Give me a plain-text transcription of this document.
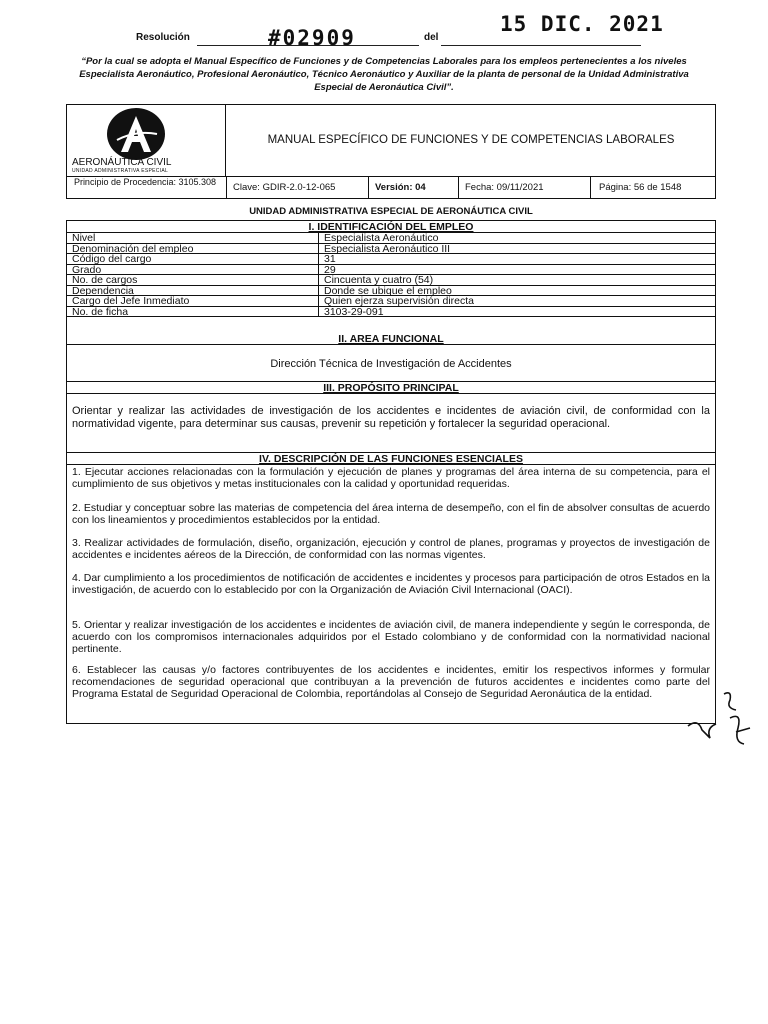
Resolución	#02909	del
15 DIC. 2021
“Por la cual se adopta el Manual Específico de Funciones y de Competencias Laborales para los empleos pertenecientes a los niveles Especialista Aeronáutico, Profesional Aeronáutico, Técnico Aeronáutico y Auxiliar de la planta de personal de la Unidad Administrativa Especial de Aeronáutica Civil”.
AERONÁUTICA CIVIL
UNIDAD ADMINISTRATIVA ESPECIAL
MANUAL ESPECÍFICO DE FUNCIONES Y DE COMPETENCIAS LABORALES
Principio de Procedencia: 3105.308	Clave: GDIR-2.0-12-065	Versión: 04	Fecha: 09/11/2021	Página: 56 de 1548
UNIDAD ADMINISTRATIVA ESPECIAL DE AERONÁUTICA CIVIL
I. IDENTIFICACIÓN DEL EMPLEO
Nivel	Especialista Aeronáutico
Denominación del empleo	Especialista Aeronáutico III
Código del cargo	31
Grado	29
No. de cargos	Cincuenta y cuatro (54)
Dependencia	Donde se ubique el empleo
Cargo del Jefe Inmediato	Quien ejerza supervisión directa
No. de ficha	3103-29-091
II. AREA FUNCIONAL
Dirección Técnica de Investigación de Accidentes
III. PROPÓSITO PRINCIPAL
Orientar y realizar las actividades de investigación de los accidentes e incidentes de aviación civil, de conformidad con la normatividad vigente, para determinar sus causas, prevenir su repetición y fortalecer la seguridad operacional.
IV. DESCRIPCIÓN DE LAS FUNCIONES ESENCIALES
1. Ejecutar acciones relacionadas con la formulación y ejecución de planes y programas del área interna de su competencia, para el cumplimiento de sus objetivos y metas institucionales con la calidad y oportunidad requeridas.
2. Estudiar y conceptuar sobre las materias de competencia del área interna de desempeño, con el fin de absolver consultas de acuerdo con los lineamientos y procedimientos establecidos por la entidad.
3. Realizar actividades de formulación, diseño, organización, ejecución y control de planes, programas y proyectos de investigación de accidentes e incidentes aéreos de la Dirección, de conformidad con las normas vigentes.
4. Dar cumplimiento a los procedimientos de notificación de accidentes e incidentes y procesos para participación de otros Estados en la investigación, de acuerdo con lo establecido por con la Organización de Aviación Civil Internacional (OACI).
5. Orientar y realizar investigación de los accidentes e incidentes de aviación civil, de manera independiente y según le corresponda, de acuerdo con los compromisos internacionales adquiridos por el Estado colombiano y de conformidad con la normatividad nacional pertinente.
6. Establecer las causas y/o factores contribuyentes de los accidentes e incidentes, emitir los respectivos informes y formular recomendaciones de seguridad operacional que contribuyan a la prevención de futuros accidentes e incidentes como parte del Programa Estatal de Seguridad Operacional de Colombia, reportándolas al Consejo de Seguridad Aeronáutica de la entidad.
